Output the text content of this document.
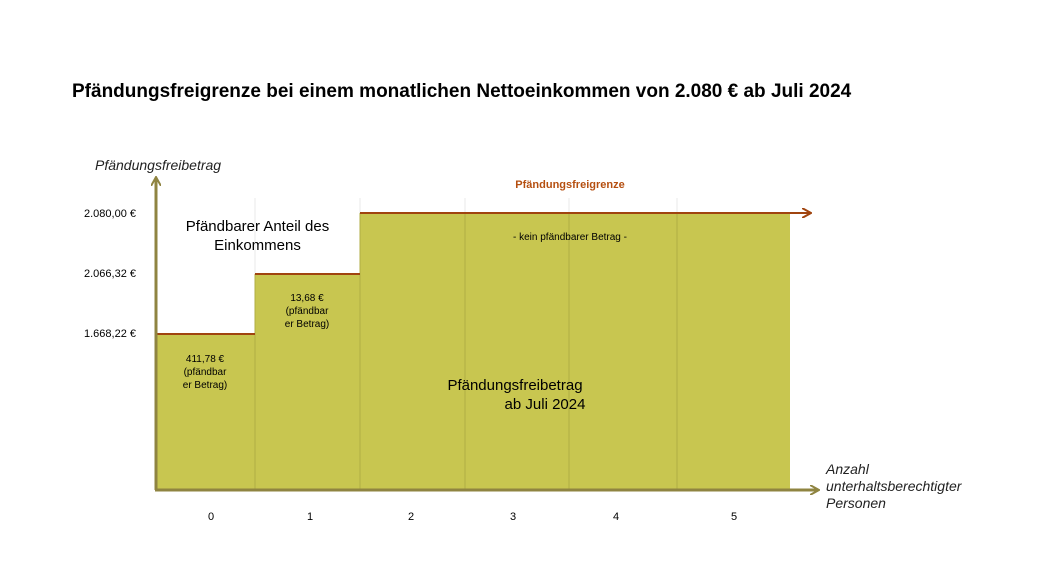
Pfändungsfreigrenze bei einem monatlichen Nettoeinkommen von 2.080 € ab Juli 2024
Pfändungsfreibetrag
Anzahl
unterhaltsberechtigter
Personen
2.080,00 €
2.066,32 €
1.668,22 €
Pfändungsfreigrenze
Pfändbarer Anteil des
Einkommens	- kein pfändbarer Betrag -
Pfändungsfreibetrag
ab Juli 2024
411,78 €
(pfändbar
er Betrag)
13,68 €
(pfändbar
er Betrag)
0	1	2	3	4	5
